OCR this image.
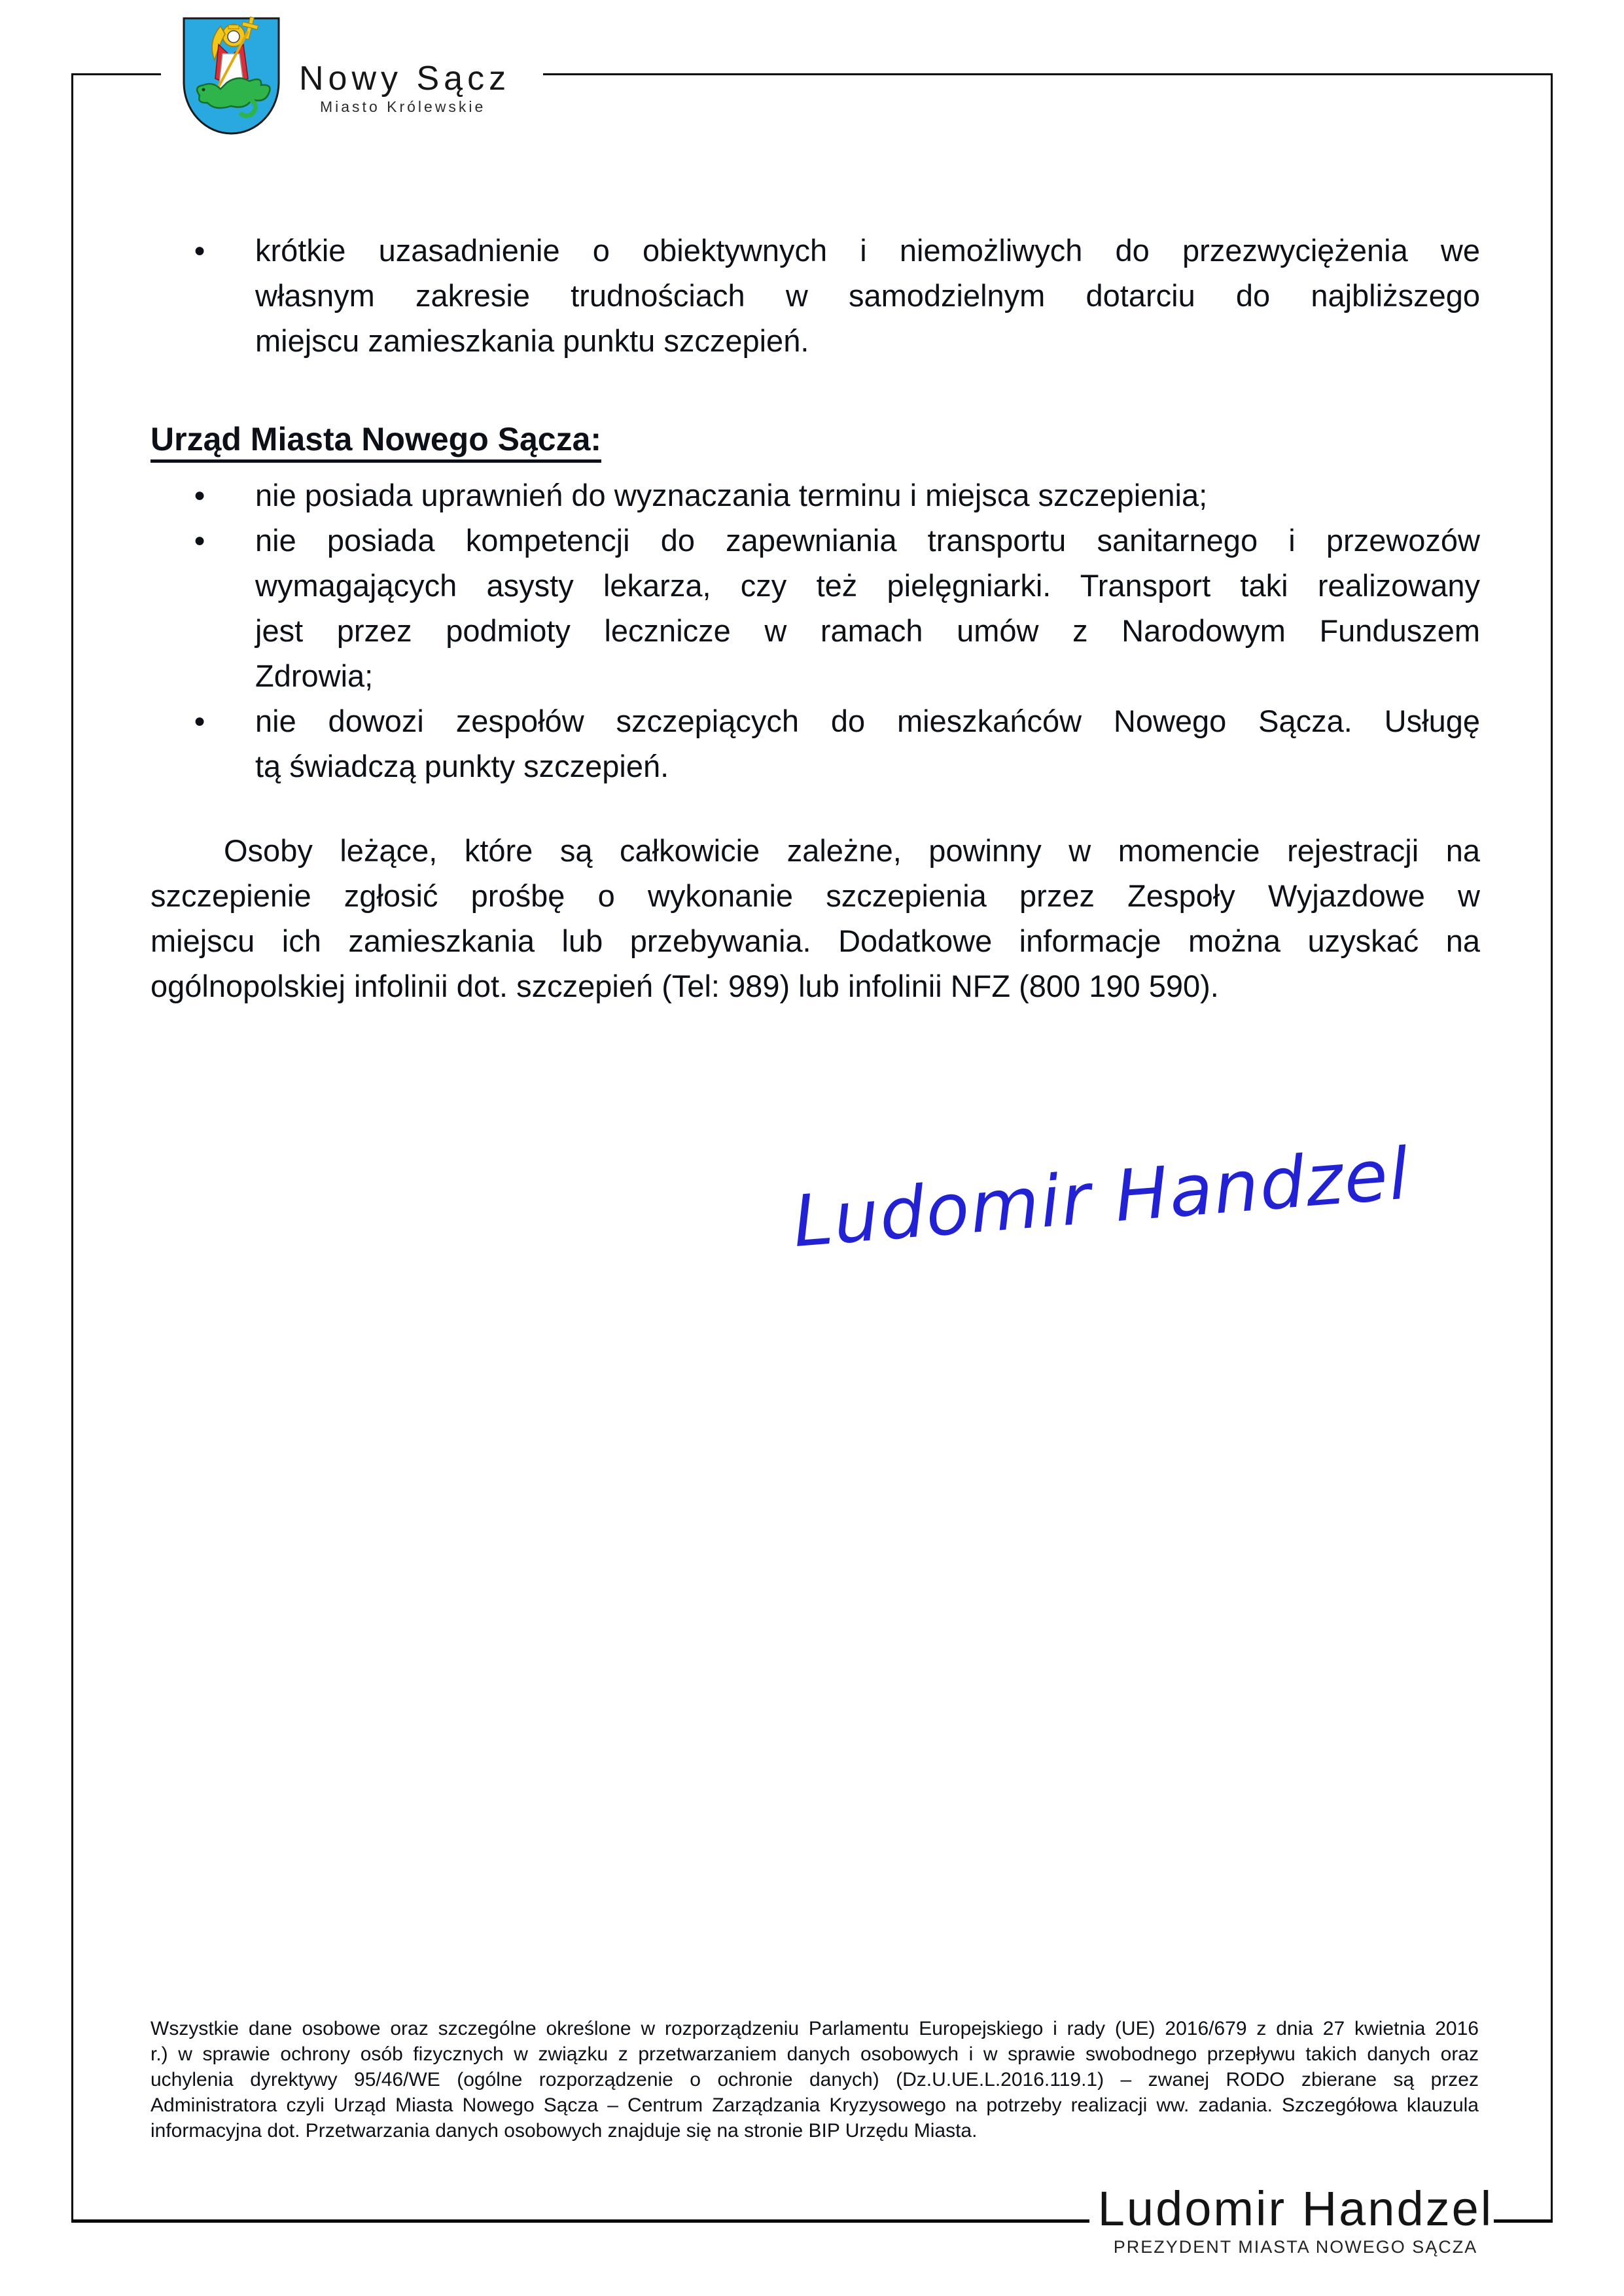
Nowy Sącz
Miasto Królewskie
●	krótkie uzasadnienie o obiektywnych i niemożliwych do przezwyciężenia we
własnym zakresie trudnościach w samodzielnym dotarciu do najbliższego
miejscu zamieszkania punktu szczepień.
Urząd Miasta Nowego Sącza:
●	nie posiada uprawnień do wyznaczania terminu i miejsca szczepienia;
●	nie posiada kompetencji do zapewniania transportu sanitarnego i przewozów
wymagających asysty lekarza, czy też pielęgniarki. Transport taki realizowany
jest przez podmioty lecznicze w ramach umów z Narodowym Funduszem
Zdrowia;
●	nie dowozi zespołów szczepiących do mieszkańców Nowego Sącza. Usługę
tą świadczą punkty szczepień.
Osoby leżące, które są całkowicie zależne, powinny w momencie rejestracji na
szczepienie zgłosić prośbę o wykonanie szczepienia przez Zespoły Wyjazdowe w
miejscu ich zamieszkania lub przebywania. Dodatkowe informacje można uzyskać na
ogólnopolskiej infolinii dot. szczepień (Tel: 989) lub infolinii NFZ (800 190 590).
Ludomir Handzel
Wszystkie dane osobowe oraz szczególne określone w rozporządzeniu Parlamentu Europejskiego i rady (UE) 2016/679 z dnia 27 kwietnia 2016
r.) w sprawie ochrony osób fizycznych w związku z przetwarzaniem danych osobowych i w sprawie swobodnego przepływu takich danych oraz
uchylenia dyrektywy 95/46/WE (ogólne rozporządzenie o ochronie danych) (Dz.U.UE.L.2016.119.1) – zwanej RODO zbierane są przez
Administratora czyli Urząd Miasta Nowego Sącza – Centrum Zarządzania Kryzysowego na potrzeby realizacji ww. zadania. Szczegółowa klauzula
informacyjna dot. Przetwarzania danych osobowych znajduje się na stronie BIP Urzędu Miasta.
Ludomir Handzel
PREZYDENT MIASTA NOWEGO SĄCZA
